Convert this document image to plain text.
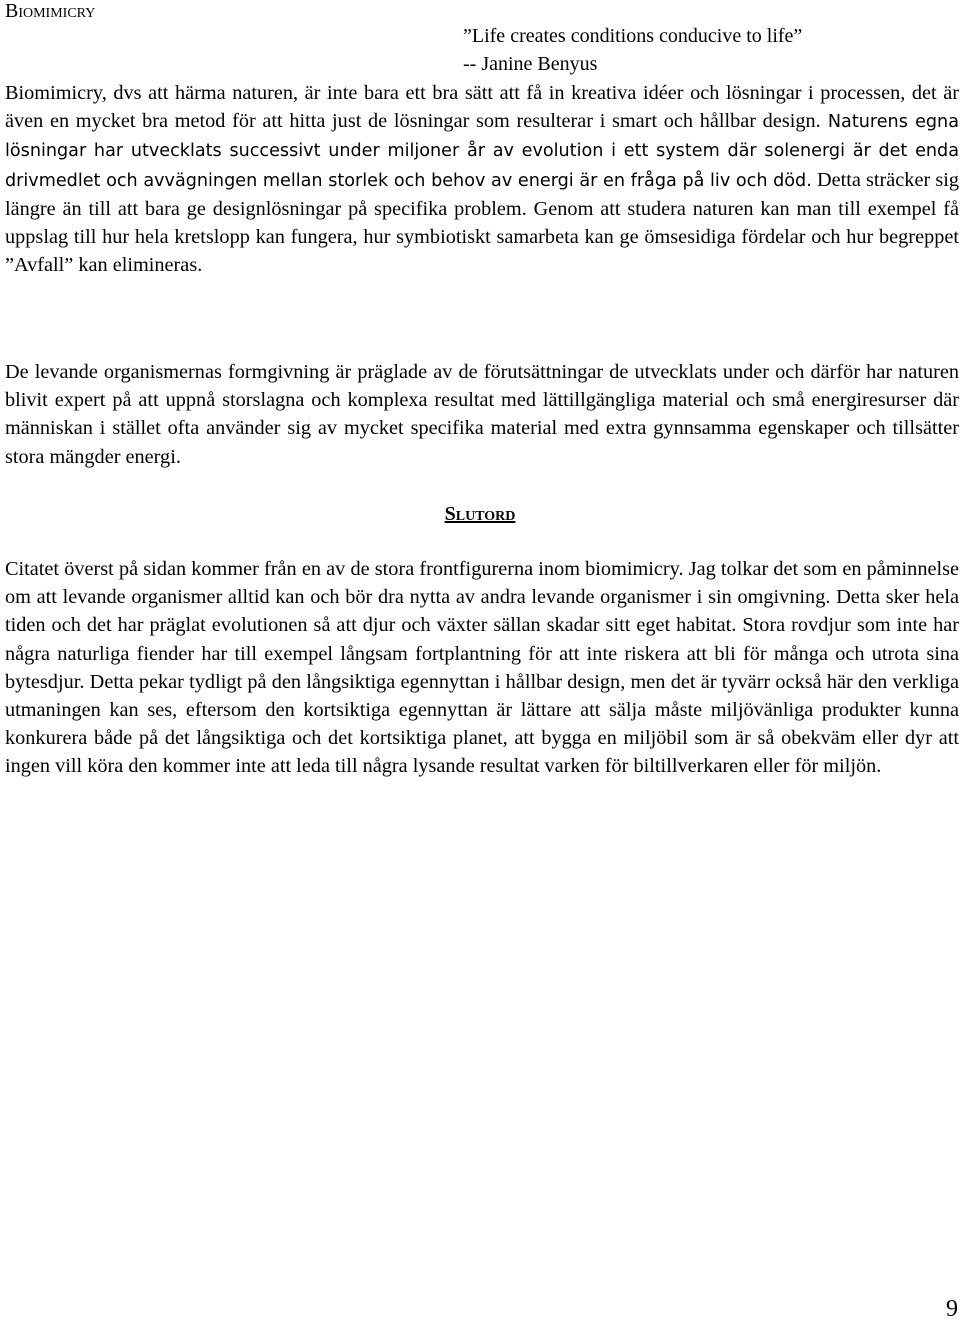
Biomimicry
”Life creates conditions conducive to life”
-- Janine Benyus

Biomimicry, dvs att härma naturen, är inte bara ett bra sätt att få in kreativa idéer och lösningar i processen, det är även en mycket bra metod för att hitta just de lösningar som resulterar i smart och hållbar design. Naturens egna lösningar har utvecklats successivt under miljoner år av evolution i ett system där solenergi är det enda drivmedlet och avvägningen mellan storlek och behov av energi är en fråga på liv och död. Detta sträcker sig längre än till att bara ge designlösningar på specifika problem. Genom att studera naturen kan man till exempel få uppslag till hur hela kretslopp kan fungera, hur symbiotiskt samarbeta kan ge ömsesidiga fördelar och hur begreppet ”Avfall” kan elimineras.

De levande organismernas formgivning är präglade av de förutsättningar de utvecklats under och därför har naturen blivit expert på att uppnå storslagna och komplexa resultat med lättillgängliga material och små energiresurser där människan i stället ofta använder sig av mycket specifika material med extra gynnsamma egenskaper och tillsätter stora mängder energi.

Slutord

Citatet överst på sidan kommer från en av de stora frontfigurerna inom biomimicry. Jag tolkar det som en påminnelse om att levande organismer alltid kan och bör dra nytta av andra levande organismer i sin omgivning. Detta sker hela tiden och det har präglat evolutionen så att djur och växter sällan skadar sitt eget habitat. Stora rovdjur som inte har några naturliga fiender har till exempel långsam fortplantning för att inte riskera att bli för många och utrota sina bytesdjur. Detta pekar tydligt på den långsiktiga egennyttan i hållbar design, men det är tyvärr också här den verkliga utmaningen kan ses, eftersom den kortsiktiga egennyttan är lättare att sälja måste miljövänliga produkter kunna konkurera både på det långsiktiga och det kortsiktiga planet, att bygga en miljöbil som är så obekväm eller dyr att ingen vill köra den kommer inte att leda till några lysande resultat varken för biltillverkaren eller för miljön.

9
